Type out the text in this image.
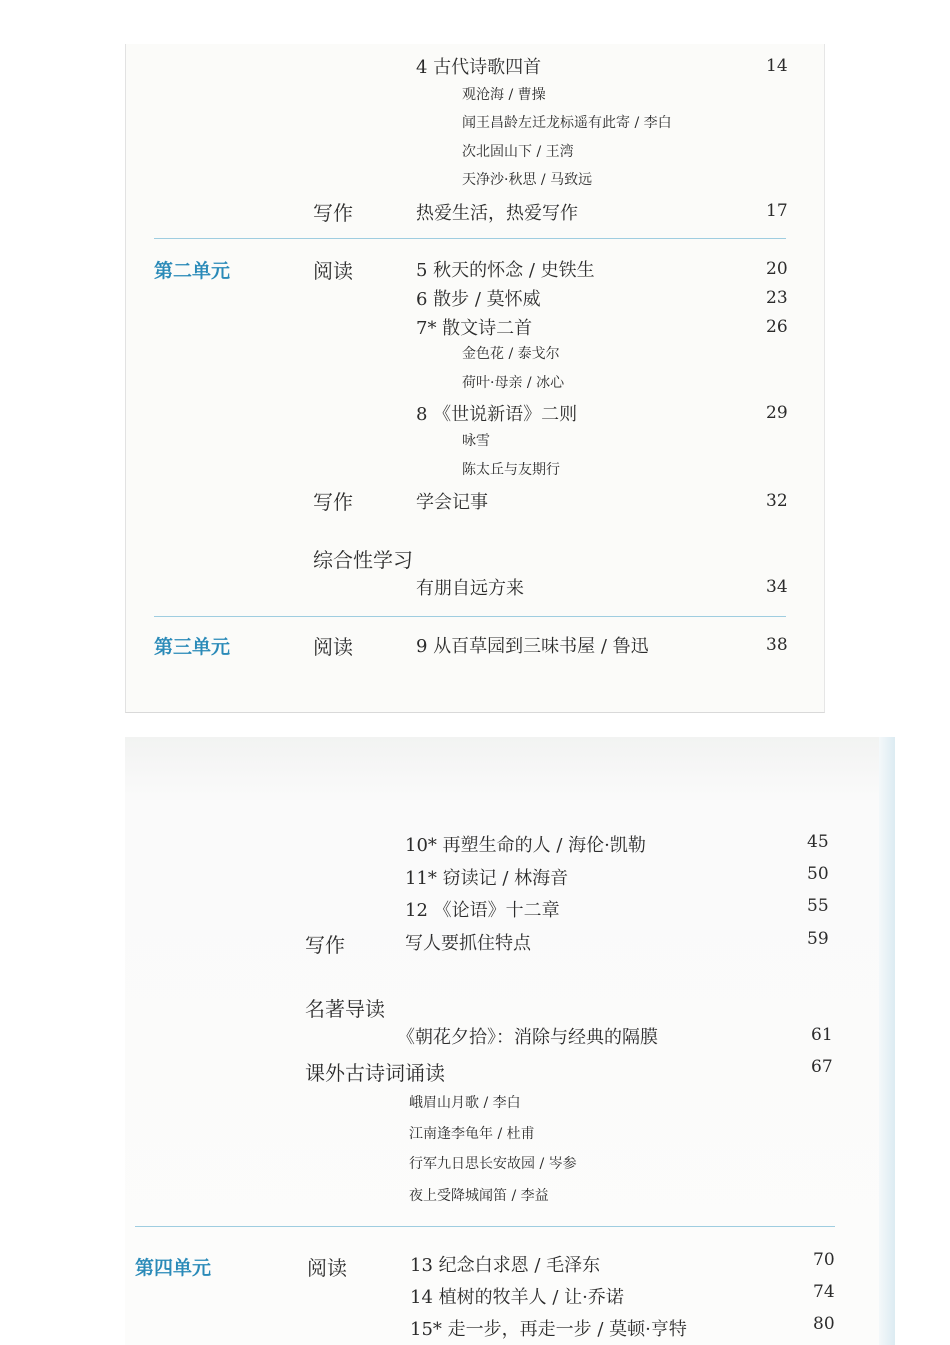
4 古代诗歌四首	14
观沧海 / 曹操
闻王昌龄左迁龙标遥有此寄 / 李白
次北固山下 / 王湾
天净沙·秋思 / 马致远
写作	热爱生活，热爱写作	17
第二单元	阅读	5 秋天的怀念 / 史铁生	20
6 散步 / 莫怀威	23
7* 散文诗二首	26
金色花 / 泰戈尔
荷叶·母亲 / 冰心
8 《世说新语》二则	29
咏雪
陈太丘与友期行
写作	学会记事	32
综合性学习
有朋自远方来	34
第三单元	阅读	9 从百草园到三味书屋 / 鲁迅	38
10* 再塑生命的人 / 海伦·凯勒	45
11* 窃读记 / 林海音	50
12 《论语》十二章	55
写作	写人要抓住特点	59
名著导读
《朝花夕拾》：消除与经典的隔膜	61
课外古诗词诵读	67
峨眉山月歌 / 李白
江南逢李龟年 / 杜甫
行军九日思长安故园 / 岑参
夜上受降城闻笛 / 李益
第四单元	阅读	13 纪念白求恩 / 毛泽东	70
14 植树的牧羊人 / 让·乔诺	74
15* 走一步，再走一步 / 莫顿·亨特	80
